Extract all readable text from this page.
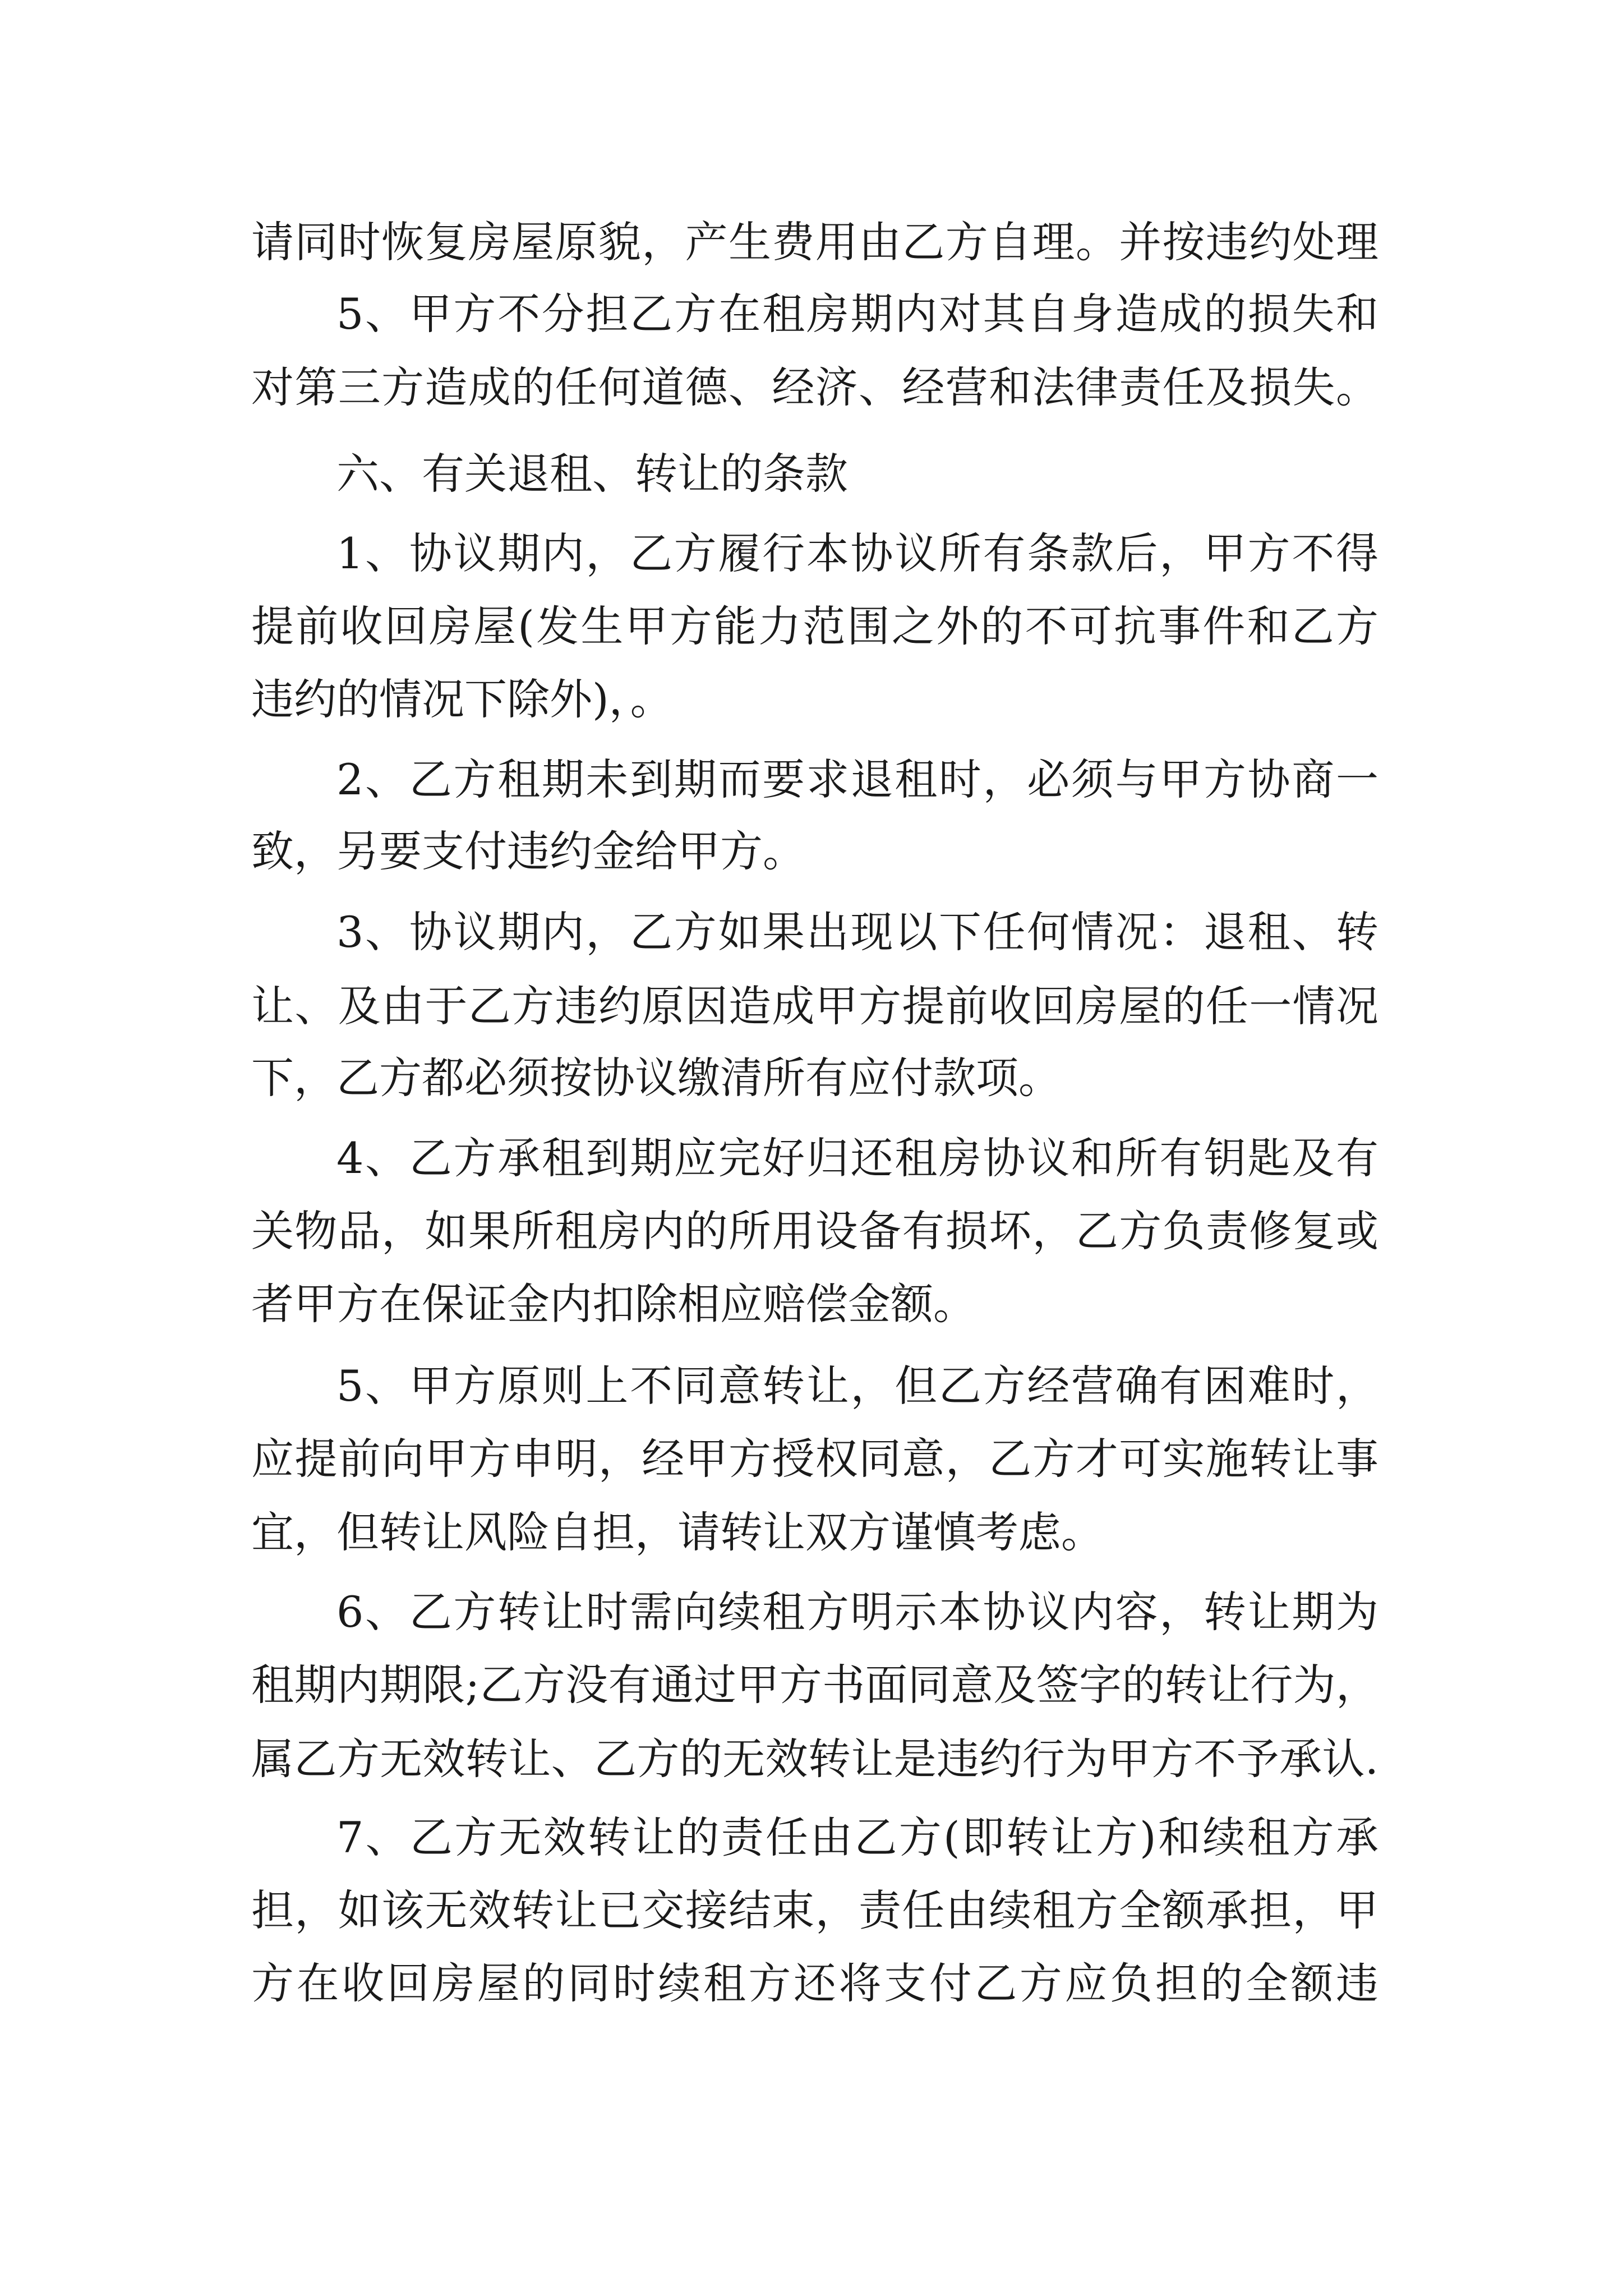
请同时恢复房屋原貌，产生费用由乙方自理。并按违约处理
5、甲方不分担乙方在租房期内对其自身造成的损失和
对第三方造成的任何道德、经济、经营和法律责任及损失。
六、有关退租、转让的条款
1、协议期内，乙方履行本协议所有条款后，甲方不得
提前收回房屋(发生甲方能力范围之外的不可抗事件和乙方
违约的情况下除外)，。
2、乙方租期未到期而要求退租时，必须与甲方协商一
致，另要支付违约金给甲方。
3、协议期内，乙方如果出现以下任何情况：退租、转
让、及由于乙方违约原因造成甲方提前收回房屋的任一情况
下，乙方都必须按协议缴清所有应付款项。
4、乙方承租到期应完好归还租房协议和所有钥匙及有
关物品，如果所租房内的所用设备有损坏，乙方负责修复或
者甲方在保证金内扣除相应赔偿金额。
5、甲方原则上不同意转让，但乙方经营确有困难时，
应提前向甲方申明，经甲方授权同意，乙方才可实施转让事
宜，但转让风险自担，请转让双方谨慎考虑。
6、乙方转让时需向续租方明示本协议内容，转让期为
租期内期限;乙方没有通过甲方书面同意及签字的转让行为，
属乙方无效转让、乙方的无效转让是违约行为甲方不予承认.
7、乙方无效转让的责任由乙方(即转让方)和续租方承
担，如该无效转让已交接结束，责任由续租方全额承担，甲
方在收回房屋的同时续租方还将支付乙方应负担的全额违
